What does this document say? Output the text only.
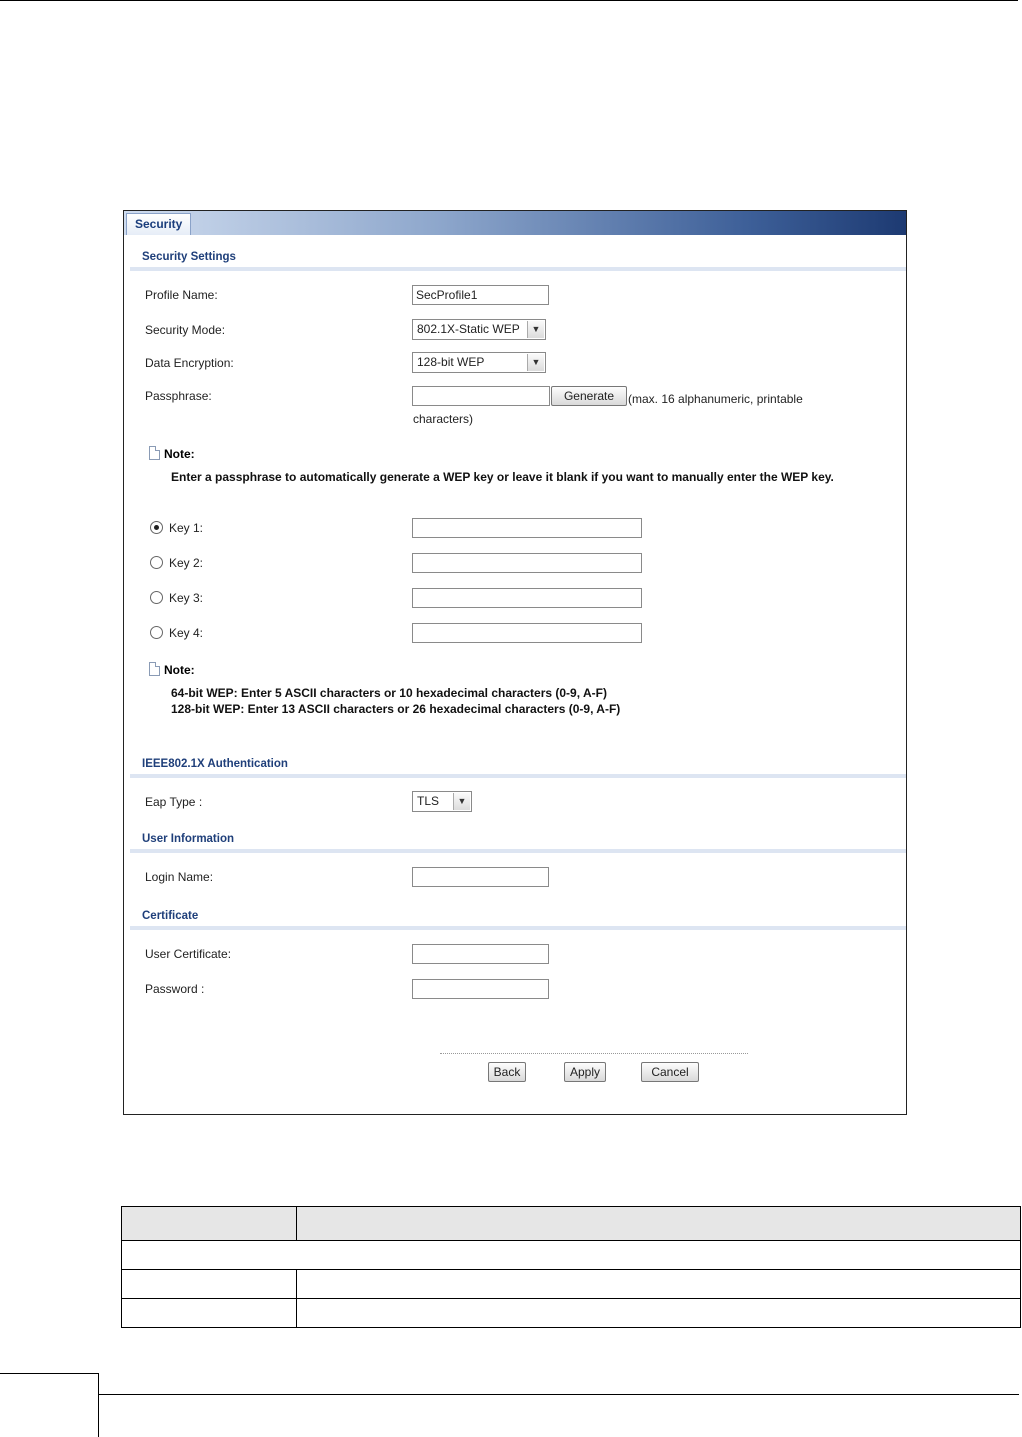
Security
Security Settings
Profile Name:
SecProfile1
Security Mode:	802.1X-Static WEP	▼
Data Encryption:	128-bit WEP	▼
Passphrase:	Generate	(max. 16 alphanumeric, printable
characters)
Note:
Enter a passphrase to automatically generate a WEP key or leave it blank if you want to manually enter the WEP key.
Key 1:
Key 2:
Key 3:
Key 4:
Note:
64-bit WEP: Enter 5 ASCII characters or 10 hexadecimal characters (0-9, A-F)
128-bit WEP: Enter 13 ASCII characters or 26 hexadecimal characters (0-9, A-F)
IEEE802.1X Authentication
Eap Type :	TLS	▼
User Information
Login Name:
Certificate
User Certificate:
Password :
Back	Apply	Cancel
